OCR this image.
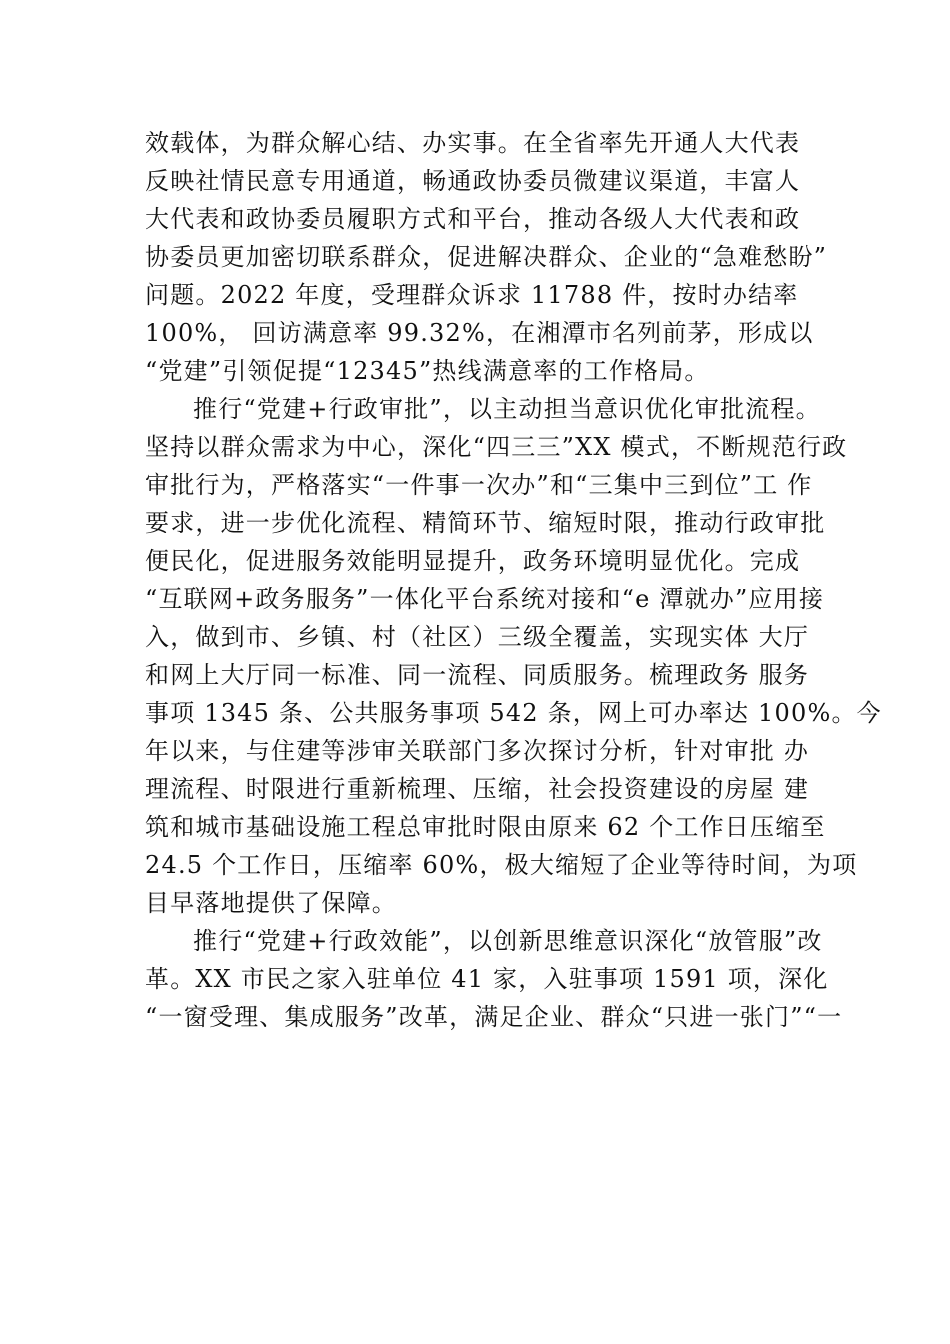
效载体，为群众解心结、办实事。在全省率先开通人大代表
反映社情民意专用通道，畅通政协委员微建议渠道，丰富人
大代表和政协委员履职方式和平台，推动各级人大代表和政
协委员更加密切联系群众，促进解决群众、企业的“急难愁盼”
问题。2022 年度，受理群众诉求 11788 件，按时办结率
100%， 回访满意率 99.32%，在湘潭市名列前茅，形成以
“党建”引领促提“12345”热线满意率的工作格局。
推行“党建+行政审批”，以主动担当意识优化审批流程。
坚持以群众需求为中心，深化“四三三”XX 模式，不断规范行政
审批行为，严格落实“一件事一次办”和“三集中三到位”工 作
要求，进一步优化流程、精简环节、缩短时限，推动行政审批
便民化，促进服务效能明显提升，政务环境明显优化。完成
“互联网+政务服务”一体化平台系统对接和“e 潭就办”应用接
入，做到市、乡镇、村（社区）三级全覆盖，实现实体 大厅
和网上大厅同一标准、同一流程、同质服务。梳理政务 服务
事项 1345 条、公共服务事项 542 条，网上可办率达 100%。今
年以来，与住建等涉审关联部门多次探讨分析，针对审批 办
理流程、时限进行重新梳理、压缩，社会投资建设的房屋 建
筑和城市基础设施工程总审批时限由原来 62 个工作日压缩至
24.5 个工作日，压缩率 60%，极大缩短了企业等待时间，为项
目早落地提供了保障。
推行“党建+行政效能”，以创新思维意识深化“放管服”改
革。XX 市民之家入驻单位 41 家，入驻事项 1591 项，深化
“一窗受理、集成服务”改革，满足企业、群众“只进一张门”“一
